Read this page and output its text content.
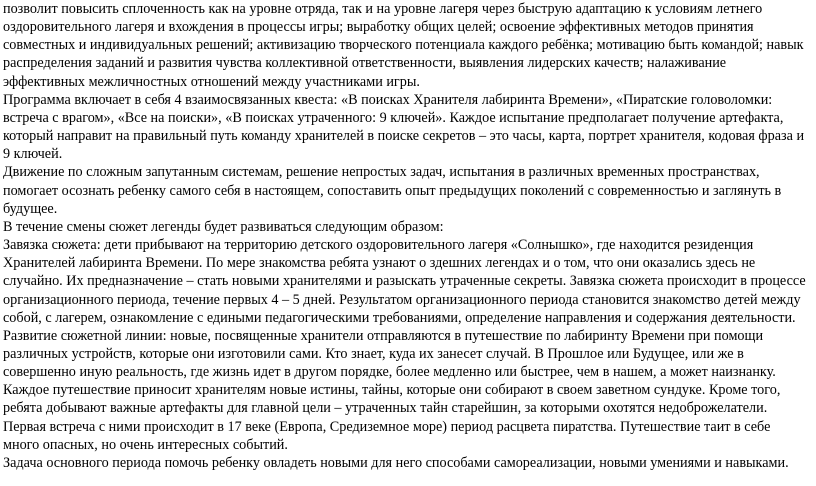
позволит повысить сплоченность как на уровне отряда, так и на уровне лагеря через быструю адаптацию к условиям летнего оздоровительного лагеря и вхождения в процессы игры; выработку общих целей; освоение эффективных методов принятия совместных и индивидуальных решений; активизацию творческого потенциала каждого ребёнка; мотивацию быть командой; навык распределения заданий и развития чувства коллективной ответственности, выявления лидерских качеств; налаживание эффективных межличностных отношений между участниками игры.

Программа включает в себя 4 взаимосвязанных квеста: «В поисках Хранителя лабиринта Времени», «Пиратские головоломки: встреча с врагом», «Все на поиски», «В поисках утраченного: 9 ключей». Каждое испытание предполагает получение артефакта, который направит на правильный путь команду хранителей в поиске секретов – это часы, карта, портрет хранителя, кодовая фраза и 9 ключей.

Движение по сложным запутанным системам, решение непростых задач, испытания в различных временных пространствах, помогает осознать ребенку самого себя в настоящем, сопоставить опыт предыдущих поколений с современностью и заглянуть в будущее.

В течение смены сюжет легенды будет развиваться следующим образом:

Завязка сюжета: дети прибывают на территорию детского оздоровительного лагеря «Солнышко», где находится резиденция Хранителей лабиринта Времени. По мере знакомства ребята узнают о здешних легендах и о том, что они оказались здесь не случайно. Их предназначение – стать новыми хранителями и разыскать утраченные секреты. Завязка сюжета происходит в процессе организационного периода, течение первых 4 – 5 дней. Результатом организационного периода становится знакомство детей между собой, с лагерем, ознакомление с едиными педагогическими требованиями, определение направления и содержания деятельности.

Развитие сюжетной линии: новые, посвященные хранители отправляются в путешествие по лабиринту Времени при помощи различных устройств, которые они изготовили сами. Кто знает, куда их занесет случай. В Прошлое или Будущее, или же в совершенно иную реальность, где жизнь идет в другом порядке, более медленно или быстрее, чем в нашем, а может наизнанку. Каждое путешествие приносит хранителям новые истины, тайны, которые они собирают в своем заветном сундуке. Кроме того, ребята добывают важные артефакты для главной цели – утраченных тайн старейшин, за которыми охотятся недоброжелатели. Первая встреча с ними происходит в 17 веке (Европа, Средиземное море) период расцвета пиратства. Путешествие таит в себе много опасных, но очень интересных событий.

Задача основного периода помочь ребенку овладеть новыми для него способами самореализации, новыми умениями и навыками.
